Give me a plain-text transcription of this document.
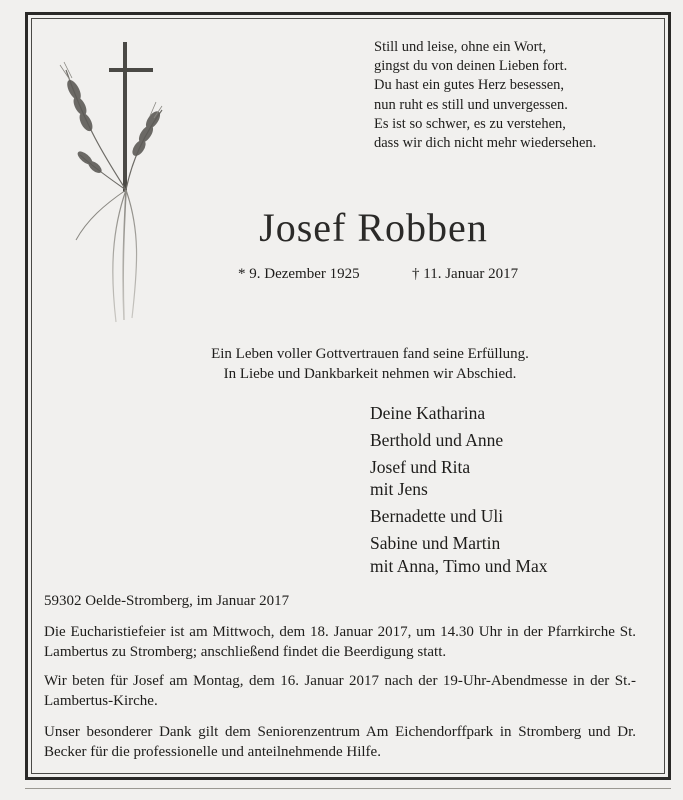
Still und leise, ohne ein Wort,
gingst du von deinen Lieben fort.
Du hast ein gutes Herz besessen,
nun ruht es still und unvergessen.
Es ist so schwer, es zu verstehen,
dass wir dich nicht mehr wiedersehen.
Josef Robben
* 9. Dezember 1925	† 11. Januar 2017
Ein Leben voller Gottvertrauen fand seine Erfüllung.
In Liebe und Dankbarkeit nehmen wir Abschied.
Deine Katharina
Berthold und Anne
Josef und Rita
mit Jens
Bernadette und Uli
Sabine und Martin
mit Anna, Timo und Max
59302 Oelde-Stromberg, im Januar 2017
Die Eucharistiefeier ist am Mittwoch, dem 18. Januar 2017, um 14.30 Uhr in der Pfarrkirche St. Lambertus zu Stromberg; anschließend findet die Beerdigung statt.
Wir beten für Josef am Montag, dem 16. Januar 2017 nach der 19-Uhr-Abendmesse in der St.-Lambertus-Kirche.
Unser besonderer Dank gilt dem Seniorenzentrum Am Eichendorffpark in Stromberg und Dr. Becker für die professionelle und anteilnehmende Hilfe.
